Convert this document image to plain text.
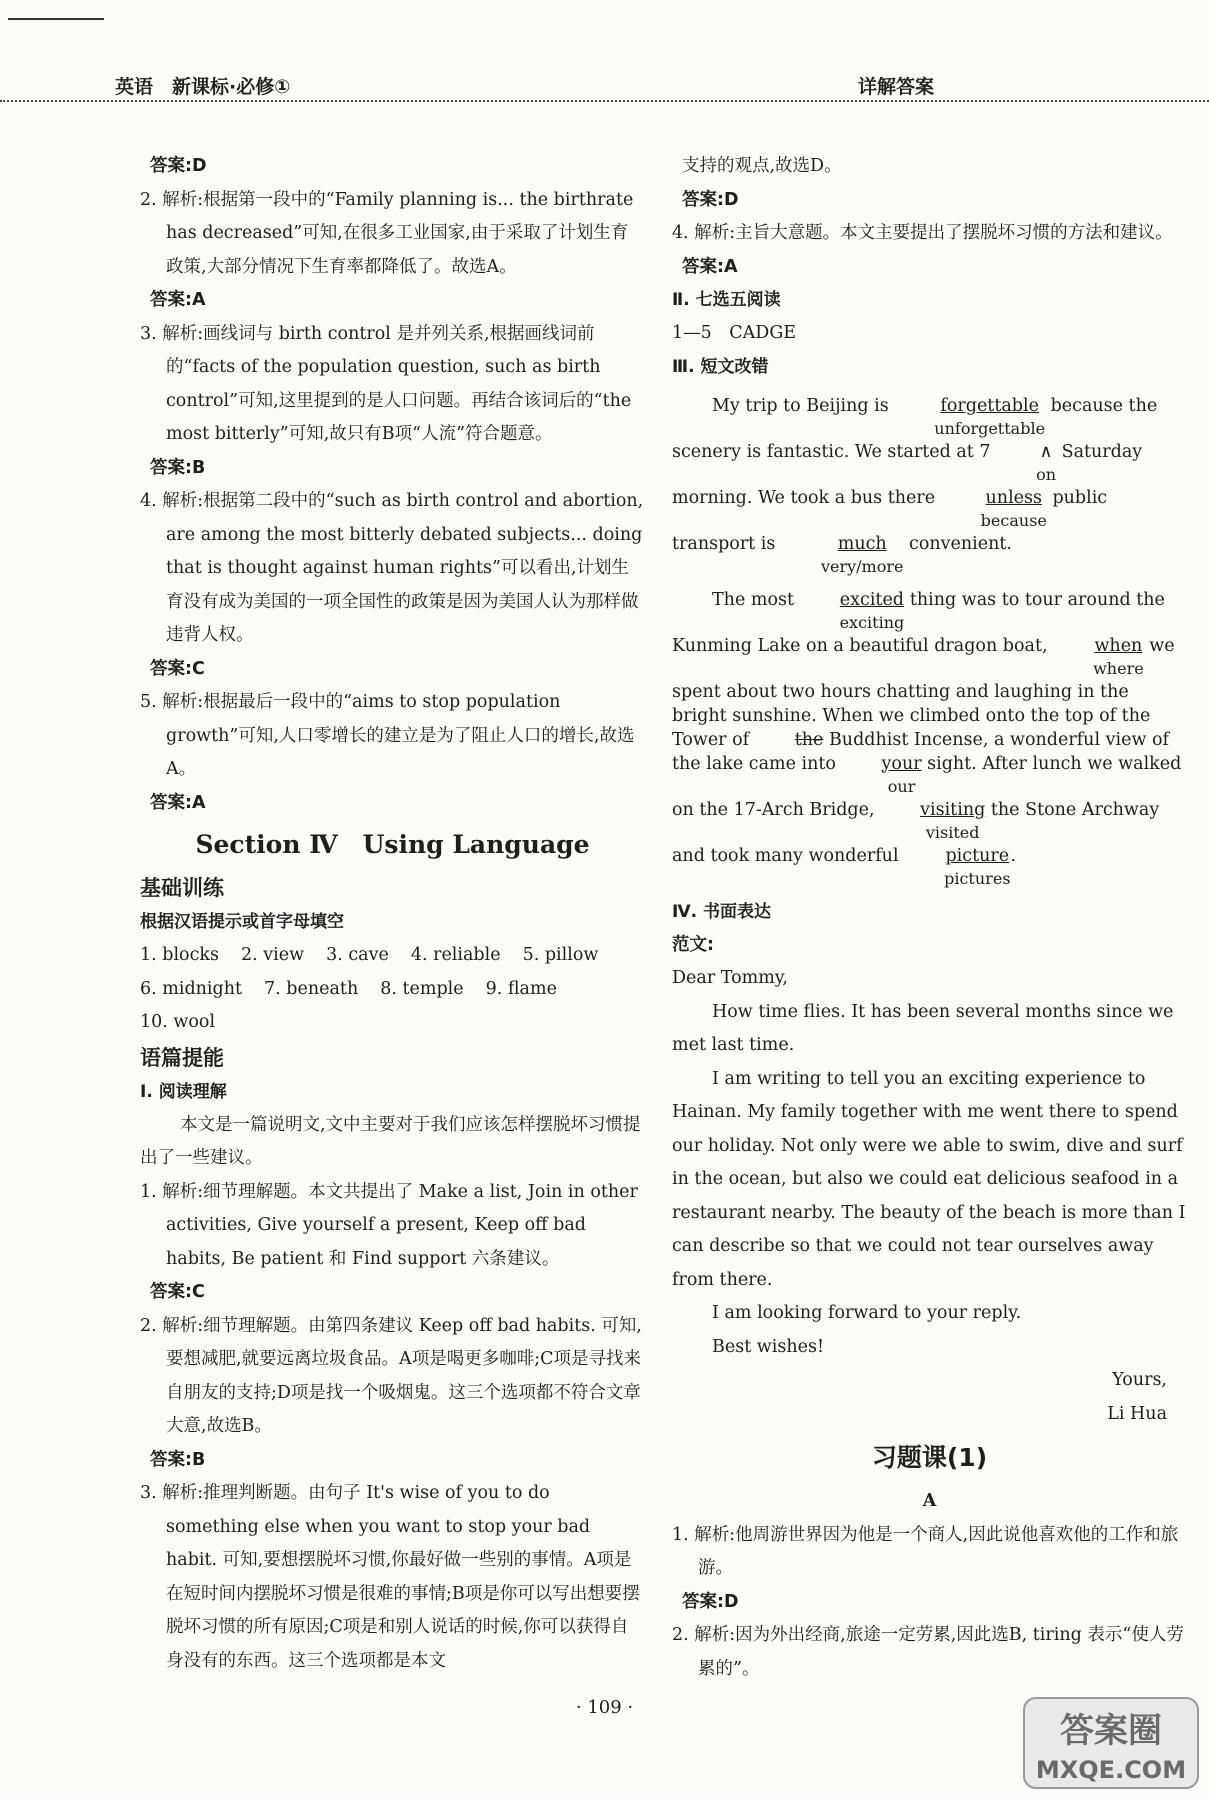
英语　新课标·必修①	详解答案

答案:D

2. 解析:根据第一段中的“Family planning is... the birthrate has decreased”可知,在很多工业国家,由于采取了计划生育政策,大部分情况下生育率都降低了。故选A。

答案:A

3. 解析:画线词与 birth control 是并列关系,根据画线词前的“facts of the population question, such as birth control”可知,这里提到的是人口问题。再结合该词后的“the most bitterly”可知,故只有B项“人流”符合题意。

答案:B

4. 解析:根据第二段中的“such as birth control and abortion, are among the most bitterly debated subjects... doing that is thought against human rights”可以看出,计划生育没有成为美国的一项全国性的政策是因为美国人认为那样做违背人权。

答案:C

5. 解析:根据最后一段中的“aims to stop population growth”可知,人口零增长的建立是为了阻止人口的增长,故选A。

答案:A

Section Ⅳ　Using Language

基础训练

根据汉语提示或首字母填空

1. blocks 2. view 3. cave 4. reliable 5. pillow
6. midnight 7. beneath 8. temple 9. flame
10. wool

语篇提能

Ⅰ. 阅读理解

本文是一篇说明文,文中主要对于我们应该怎样摆脱坏习惯提出了一些建议。

1. 解析:细节理解题。本文共提出了 Make a list, Join in other activities, Give yourself a present, Keep off bad habits, Be patient 和 Find support 六条建议。

答案:C

2. 解析:细节理解题。由第四条建议 Keep off bad habits. 可知,要想减肥,就要远离垃圾食品。A项是喝更多咖啡;C项是寻找来自朋友的支持;D项是找一个吸烟鬼。这三个选项都不符合文章大意,故选B。

答案:B

3. 解析:推理判断题。由句子 It's wise of you to do something else when you want to stop your bad habit. 可知,要想摆脱坏习惯,你最好做一些别的事情。A项是在短时间内摆脱坏习惯是很难的事情;B项是你可以写出想要摆脱坏习惯的所有原因;C项是和别人说话的时候,你可以获得自身没有的东西。这三个选项都是本文

支持的观点,故选D。

答案:D

4. 解析:主旨大意题。本文主要提出了摆脱坏习惯的方法和建议。

答案:A

Ⅱ. 七选五阅读

1—5　CADGE

Ⅲ. 短文改错

My trip to Beijing is	forgettable
unforgettable
because the scenery is fantastic. We started at 7	∧
on
Saturday morning. We took a bus there	unless
because
public transport is	much
very/more
convenient.
The most	excited
exciting
thing was to tour around the Kunming Lake on a beautiful dragon boat,	when
where
we spent about two hours chatting and laughing in the bright sunshine. When we climbed onto the top of the Tower of	the Buddhist Incense, a wonderful view of the lake came into	your
our
sight. After lunch we walked on the 17-Arch Bridge,	visiting
visited
the Stone Archway and took many wonderful	picture
pictures
.

Ⅳ. 书面表达

范文:

Dear Tommy,

How time flies. It has been several months since we met last time.

I am writing to tell you an exciting experience to Hainan. My family together with me went there to spend our holiday. Not only were we able to swim, dive and surf in the ocean, but also we could eat delicious seafood in a restaurant nearby. The beauty of the beach is more than I can describe so that we could not tear ourselves away from there.

I am looking forward to your reply.

Best wishes!

Yours,

Li Hua

习题课(1)

A

1. 解析:他周游世界因为他是一个商人,因此说他喜欢他的工作和旅游。

答案:D

2. 解析:因为外出经商,旅途一定劳累,因此选B, tiring 表示“使人劳累的”。

· 109 ·
答案圈
MXQE.COM
